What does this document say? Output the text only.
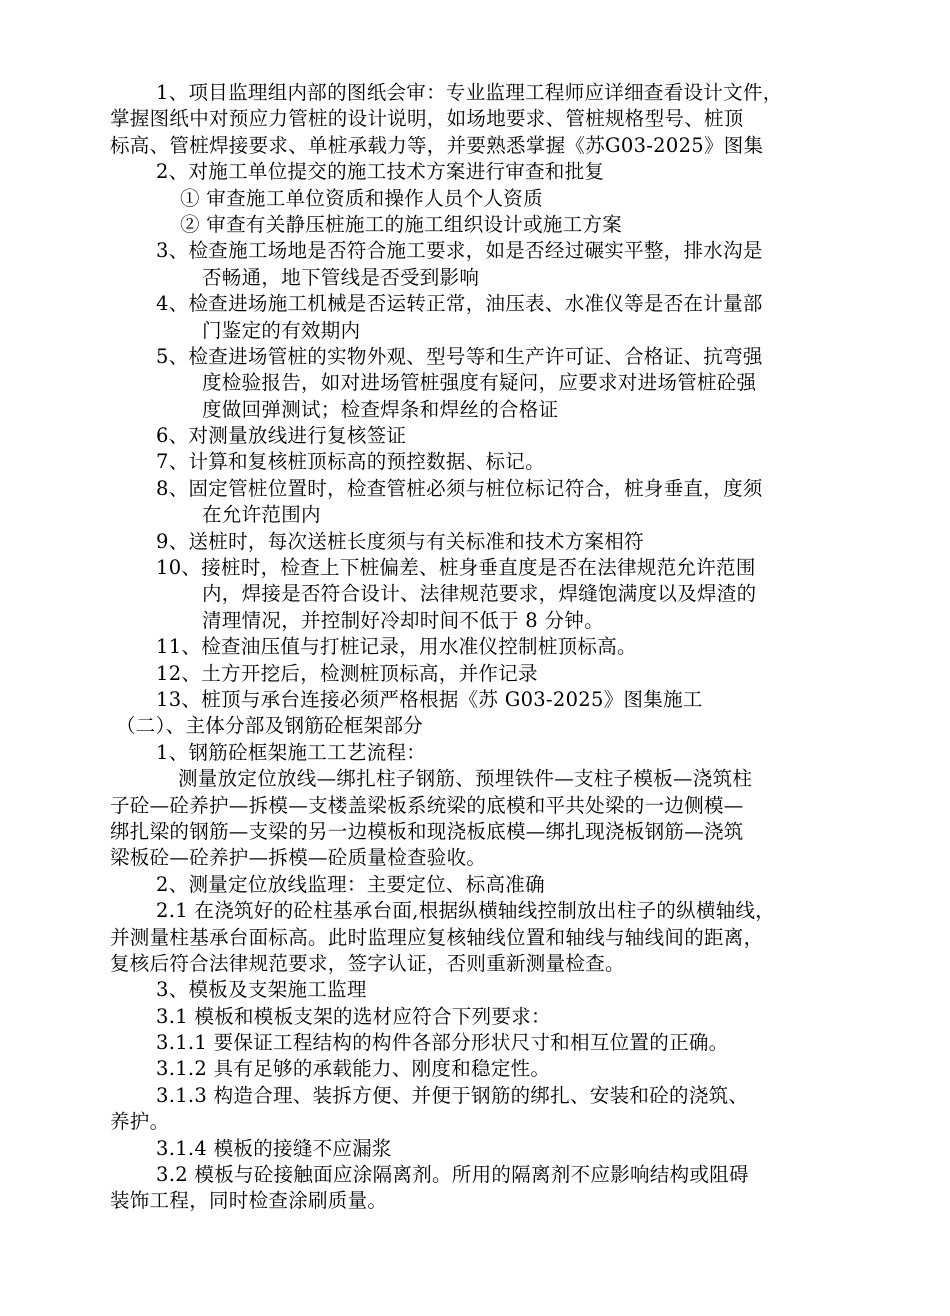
1、项目监理组内部的图纸会审：专业监理工程师应详细查看设计文件，
掌握图纸中对预应力管桩的设计说明，如场地要求、管桩规格型号、桩顶
标高、管桩焊接要求、单桩承载力等，并要熟悉掌握《苏G03-2025》图集
2、对施工单位提交的施工技术方案进行审查和批复
① 审查施工单位资质和操作人员个人资质
② 审查有关静压桩施工的施工组织设计或施工方案
3、检查施工场地是否符合施工要求，如是否经过碾实平整，排水沟是
否畅通，地下管线是否受到影响
4、检查进场施工机械是否运转正常，油压表、水准仪等是否在计量部
门鉴定的有效期内
5、检查进场管桩的实物外观、型号等和生产许可证、合格证、抗弯强
度检验报告，如对进场管桩强度有疑问，应要求对进场管桩砼强
度做回弹测试；检查焊条和焊丝的合格证
6、对测量放线进行复核签证
7、计算和复核桩顶标高的预控数据、标记。
8、固定管桩位置时，检查管桩必须与桩位标记符合，桩身垂直，度须
在允许范围内
9、送桩时，每次送桩长度须与有关标准和技术方案相符
10、接桩时，检查上下桩偏差、桩身垂直度是否在法律规范允许范围
内，焊接是否符合设计、法律规范要求，焊缝饱满度以及焊渣的
清理情况，并控制好冷却时间不低于 8 分钟。
11、检查油压值与打桩记录，用水准仪控制桩顶标高。
12、土方开挖后，检测桩顶标高，并作记录
13、桩顶与承台连接必须严格根据《苏 G03-2025》图集施工
（二）、主体分部及钢筋砼框架部分
1、钢筋砼框架施工工艺流程：
测量放定位放线—绑扎柱子钢筋、预埋铁件—支柱子模板—浇筑柱
子砼—砼养护—拆模—支楼盖梁板系统梁的底模和平共处梁的一边侧模—
绑扎梁的钢筋—支梁的另一边模板和现浇板底模—绑扎现浇板钢筋—浇筑
梁板砼—砼养护—拆模—砼质量检查验收。
2、测量定位放线监理：主要定位、标高准确
2.1 在浇筑好的砼柱基承台面,根据纵横轴线控制放出柱子的纵横轴线，
并测量柱基承台面标高。此时监理应复核轴线位置和轴线与轴线间的距离，
复核后符合法律规范要求，签字认证，否则重新测量检查。
3、模板及支架施工监理
3.1 模板和模板支架的选材应符合下列要求：
3.1.1 要保证工程结构的构件各部分形状尺寸和相互位置的正确。
3.1.2 具有足够的承载能力、刚度和稳定性。
3.1.3 构造合理、装拆方便、并便于钢筋的绑扎、安装和砼的浇筑、
养护。
3.1.4 模板的接缝不应漏浆
3.2 模板与砼接触面应涂隔离剂。所用的隔离剂不应影响结构或阻碍
装饰工程，同时检查涂刷质量。
